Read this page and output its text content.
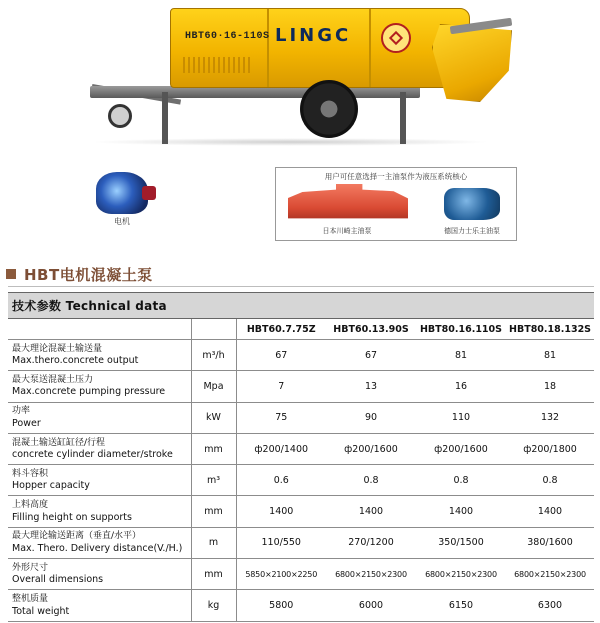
HBT60·16-110S LINGC
电机
用户可任意选择一主油泵作为液压系统核心
日本川崎主油泵	德国力士乐主油泵
HBT电机混凝土泵
技术参数 Technical data					
		HBT60.7.75Z	HBT60.13.90S	HBT80.16.110S	HBT80.18.132S

最大理论混凝土输送量
Max.thero.concrete output	m³/h	67	67	81	81

最大泵送混凝土压力
Max.concrete pumping pressure	Mpa	7	13	16	18

功率
Power	kW	75	90	110	132

混凝土输送缸缸径/行程
concrete cylinder diameter/stroke	mm	ф200/1400	ф200/1600	ф200/1600	ф200/1800

料斗容积
Hopper capacity	m³	0.6	0.8	0.8	0.8

上料高度
Filling height on supports	mm	1400	1400	1400	1400

最大理论输送距离（垂直/水平）
Max. Thero. Delivery distance(V./H.)	m	110/550	270/1200	350/1500	380/1600

外形尺寸
Overall dimensions	mm	5850×2100×2250	6800×2150×2300	6800×2150×2300	6800×2150×2300

整机质量
Total weight	kg	5800	6000	6150	6300
